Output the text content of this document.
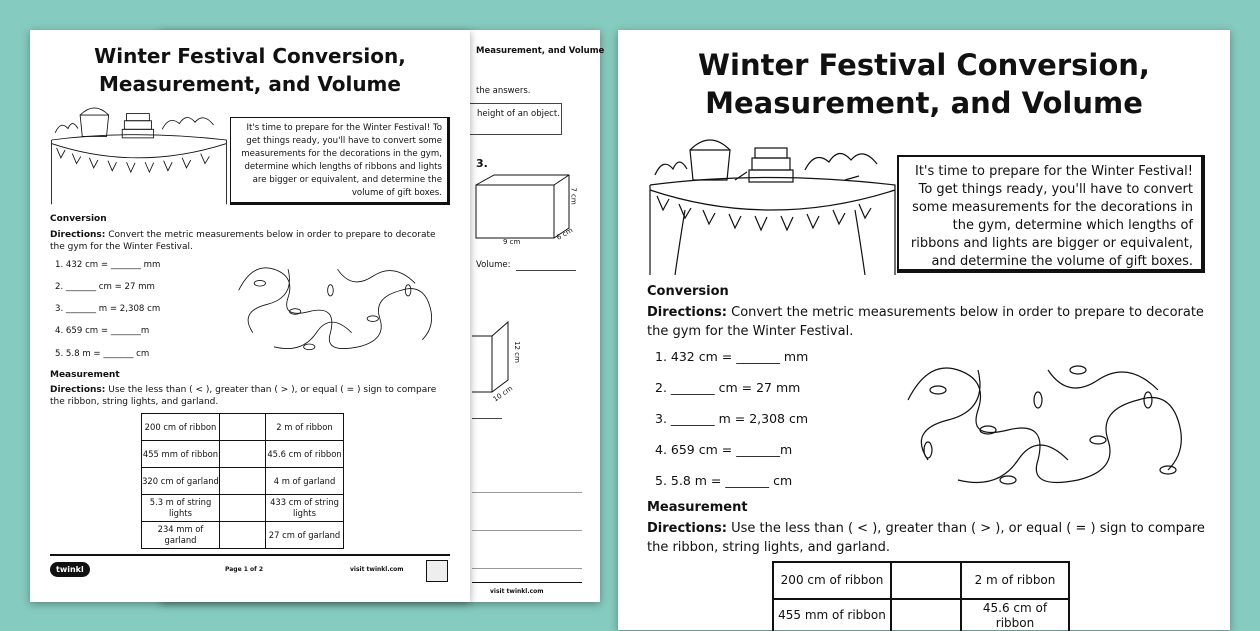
Measurement, and Volume
the answers.
height of an object.
3.
9 cm
7 cm
6 cm
Volume:
12 cm
10 cm
visit twinkl.com
Winter Festival Conversion,
Measurement, and Volume
It's time to prepare for the Winter Festival! To get things ready, you'll have to convert some measurements for the decorations in the gym, determine which lengths of ribbons and lights are bigger or equivalent, and determine the volume of gift boxes.
Conversion
Directions: Convert the metric measurements below in order to prepare to decorate the gym for the Winter Festival.
1. 432 cm = _______ mm
2. _______ cm = 27 mm
3. _______ m = 2,308 cm
4. 659 cm = _______m
5. 5.8 m = _______ cm
Measurement
Directions: Use the less than ( < ), greater than ( > ), or equal ( = ) sign to compare the ribbon, string lights, and garland.
200 cm of ribbon		2 m of ribbon
455 mm of ribbon		45.6 cm of ribbon
320 cm of garland		4 m of garland
5.3 m of string lights		433 cm of string lights
234 mm of garland		27 cm of garland
twinkl	Page 1 of 2	visit twinkl.com
Winter Festival Conversion,
Measurement, and Volume
It's time to prepare for the Winter Festival! To get things ready, you'll have to convert some measurements for the decorations in the gym, determine which lengths of ribbons and lights are bigger or equivalent, and determine the volume of gift boxes.
Conversion
Directions: Convert the metric measurements below in order to prepare to decorate the gym for the Winter Festival.
1. 432 cm = _______ mm
2. _______ cm = 27 mm
3. _______ m = 2,308 cm
4. 659 cm = _______m
5. 5.8 m = _______ cm
Measurement
Directions: Use the less than ( < ), greater than ( > ), or equal ( = ) sign to compare the ribbon, string lights, and garland.
200 cm of ribbon		2 m of ribbon
455 mm of ribbon		45.6 cm of ribbon
